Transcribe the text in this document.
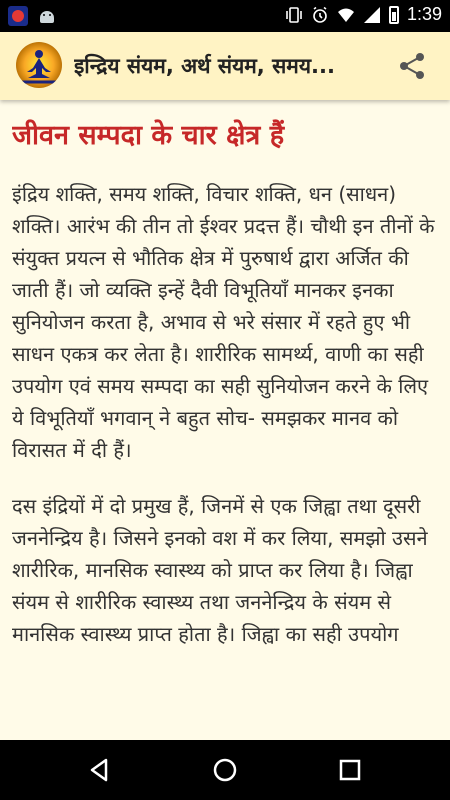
1:39
इन्द्रिय संयम, अर्थ संयम, समय...
जीवन सम्पदा के चार क्षेत्र हैं

इंद्रिय शक्ति, समय शक्ति, विचार शक्ति, धन (साधन) शक्ति। आरंभ की तीन तो ईश्वर प्रदत्त हैं। चौथी इन तीनों के संयुक्त प्रयत्न से भौतिक क्षेत्र में पुरुषार्थ द्वारा अर्जित की जाती हैं। जो व्यक्ति इन्हें दैवी विभूतियाँ मानकर इनका सुनियोजन करता है, अभाव से भरे संसार में रहते हुए भी साधन एकत्र कर लेता है। शारीरिक सामर्थ्य, वाणी का सही उपयोग एवं समय सम्पदा का सही सुनियोजन करने के लिए ये विभूतियाँ भगवान् ने बहुत सोच- समझकर मानव को विरासत में दी हैं।

दस इंद्रियों में दो प्रमुख हैं, जिनमें से एक जिह्वा तथा दूसरी जननेन्द्रिय है। जिसने इनको वश में कर लिया, समझो उसने शारीरिक, मानसिक स्वास्थ्य को प्राप्त कर लिया है। जिह्वा संयम से शारीरिक स्वास्थ्य तथा जननेन्द्रिय के संयम से मानसिक स्वास्थ्य प्राप्त होता है। जिह्वा का सही उपयोग
